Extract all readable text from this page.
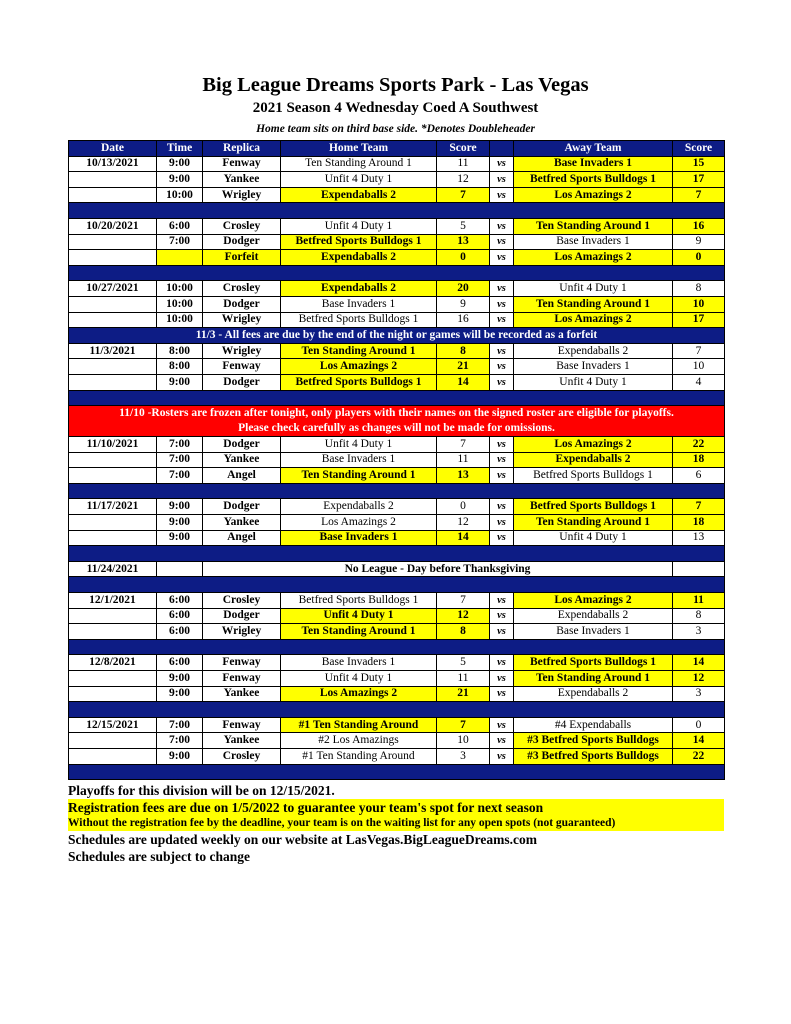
Big League Dreams Sports Park - Las Vegas
2021 Season 4 Wednesday Coed A Southwest
Home team sits on third base side. *Denotes Doubleheader
Date	Time	Replica	Home Team	Score		Away Team	Score
10/13/2021	9:00	Fenway	Ten Standing Around 1	11	vs	Base Invaders 1	15
	9:00	Yankee	Unfit 4 Duty 1	12	vs	Betfred Sports Bulldogs 1	17
	10:00	Wrigley	Expendaballs 2	7	vs	Los Amazings 2	7

10/20/2021	6:00	Crosley	Unfit 4 Duty 1	5	vs	Ten Standing Around 1	16
	7:00	Dodger	Betfred Sports Bulldogs 1	13	vs	Base Invaders 1	9
		Forfeit	Expendaballs 2	0	vs	Los Amazings 2	0

10/27/2021	10:00	Crosley	Expendaballs 2	20	vs	Unfit 4 Duty 1	8
	10:00	Dodger	Base Invaders 1	9	vs	Ten Standing Around 1	10
	10:00	Wrigley	Betfred Sports Bulldogs 1	16	vs	Los Amazings 2	17

11/3 - All fees are due by the end of the night or games will be recorded as a forfeit							

11/3/2021	8:00	Wrigley	Ten Standing Around 1	8	vs	Expendaballs 2	7
	8:00	Fenway	Los Amazings 2	21	vs	Base Invaders 1	10
	9:00	Dodger	Betfred Sports Bulldogs 1	14	vs	Unfit 4 Duty 1	4

11/10 -Rosters are frozen after tonight, only players with their names on the signed roster are eligible for playoffs.
Please check carefully as changes will not be made for omissions.							

11/10/2021	7:00	Dodger	Unfit 4 Duty 1	7	vs	Los Amazings 2	22
	7:00	Yankee	Base Invaders 1	11	vs	Expendaballs 2	18
	7:00	Angel	Ten Standing Around 1	13	vs	Betfred Sports Bulldogs 1	6

11/17/2021	9:00	Dodger	Expendaballs 2	0	vs	Betfred Sports Bulldogs 1	7
	9:00	Yankee	Los Amazings 2	12	vs	Ten Standing Around 1	18
	9:00	Angel	Base Invaders 1	14	vs	Unfit 4 Duty 1	13

11/24/2021		No League - Day before Thanksgiving					

12/1/2021	6:00	Crosley	Betfred Sports Bulldogs 1	7	vs	Los Amazings 2	11
	6:00	Dodger	Unfit 4 Duty 1	12	vs	Expendaballs 2	8
	6:00	Wrigley	Ten Standing Around 1	8	vs	Base Invaders 1	3

12/8/2021	6:00	Fenway	Base Invaders 1	5	vs	Betfred Sports Bulldogs 1	14
	9:00	Fenway	Unfit 4 Duty 1	11	vs	Ten Standing Around 1	12
	9:00	Yankee	Los Amazings 2	21	vs	Expendaballs 2	3

12/15/2021	7:00	Fenway	#1 Ten Standing Around	7	vs	#4 Expendaballs	0
	7:00	Yankee	#2 Los Amazings	10	vs	#3 Betfred Sports Bulldogs	14
	9:00	Crosley	#1 Ten Standing Around	3	vs	#3 Betfred Sports Bulldogs	22

Playoffs for this division will be on 12/15/2021.
Registration fees are due on 1/5/2022 to guarantee your team's spot for next season
Without the registration fee by the deadline, your team is on the waiting list for any open spots (not guaranteed)
Schedules are updated weekly on our website at LasVegas.BigLeagueDreams.com
Schedules are subject to change
